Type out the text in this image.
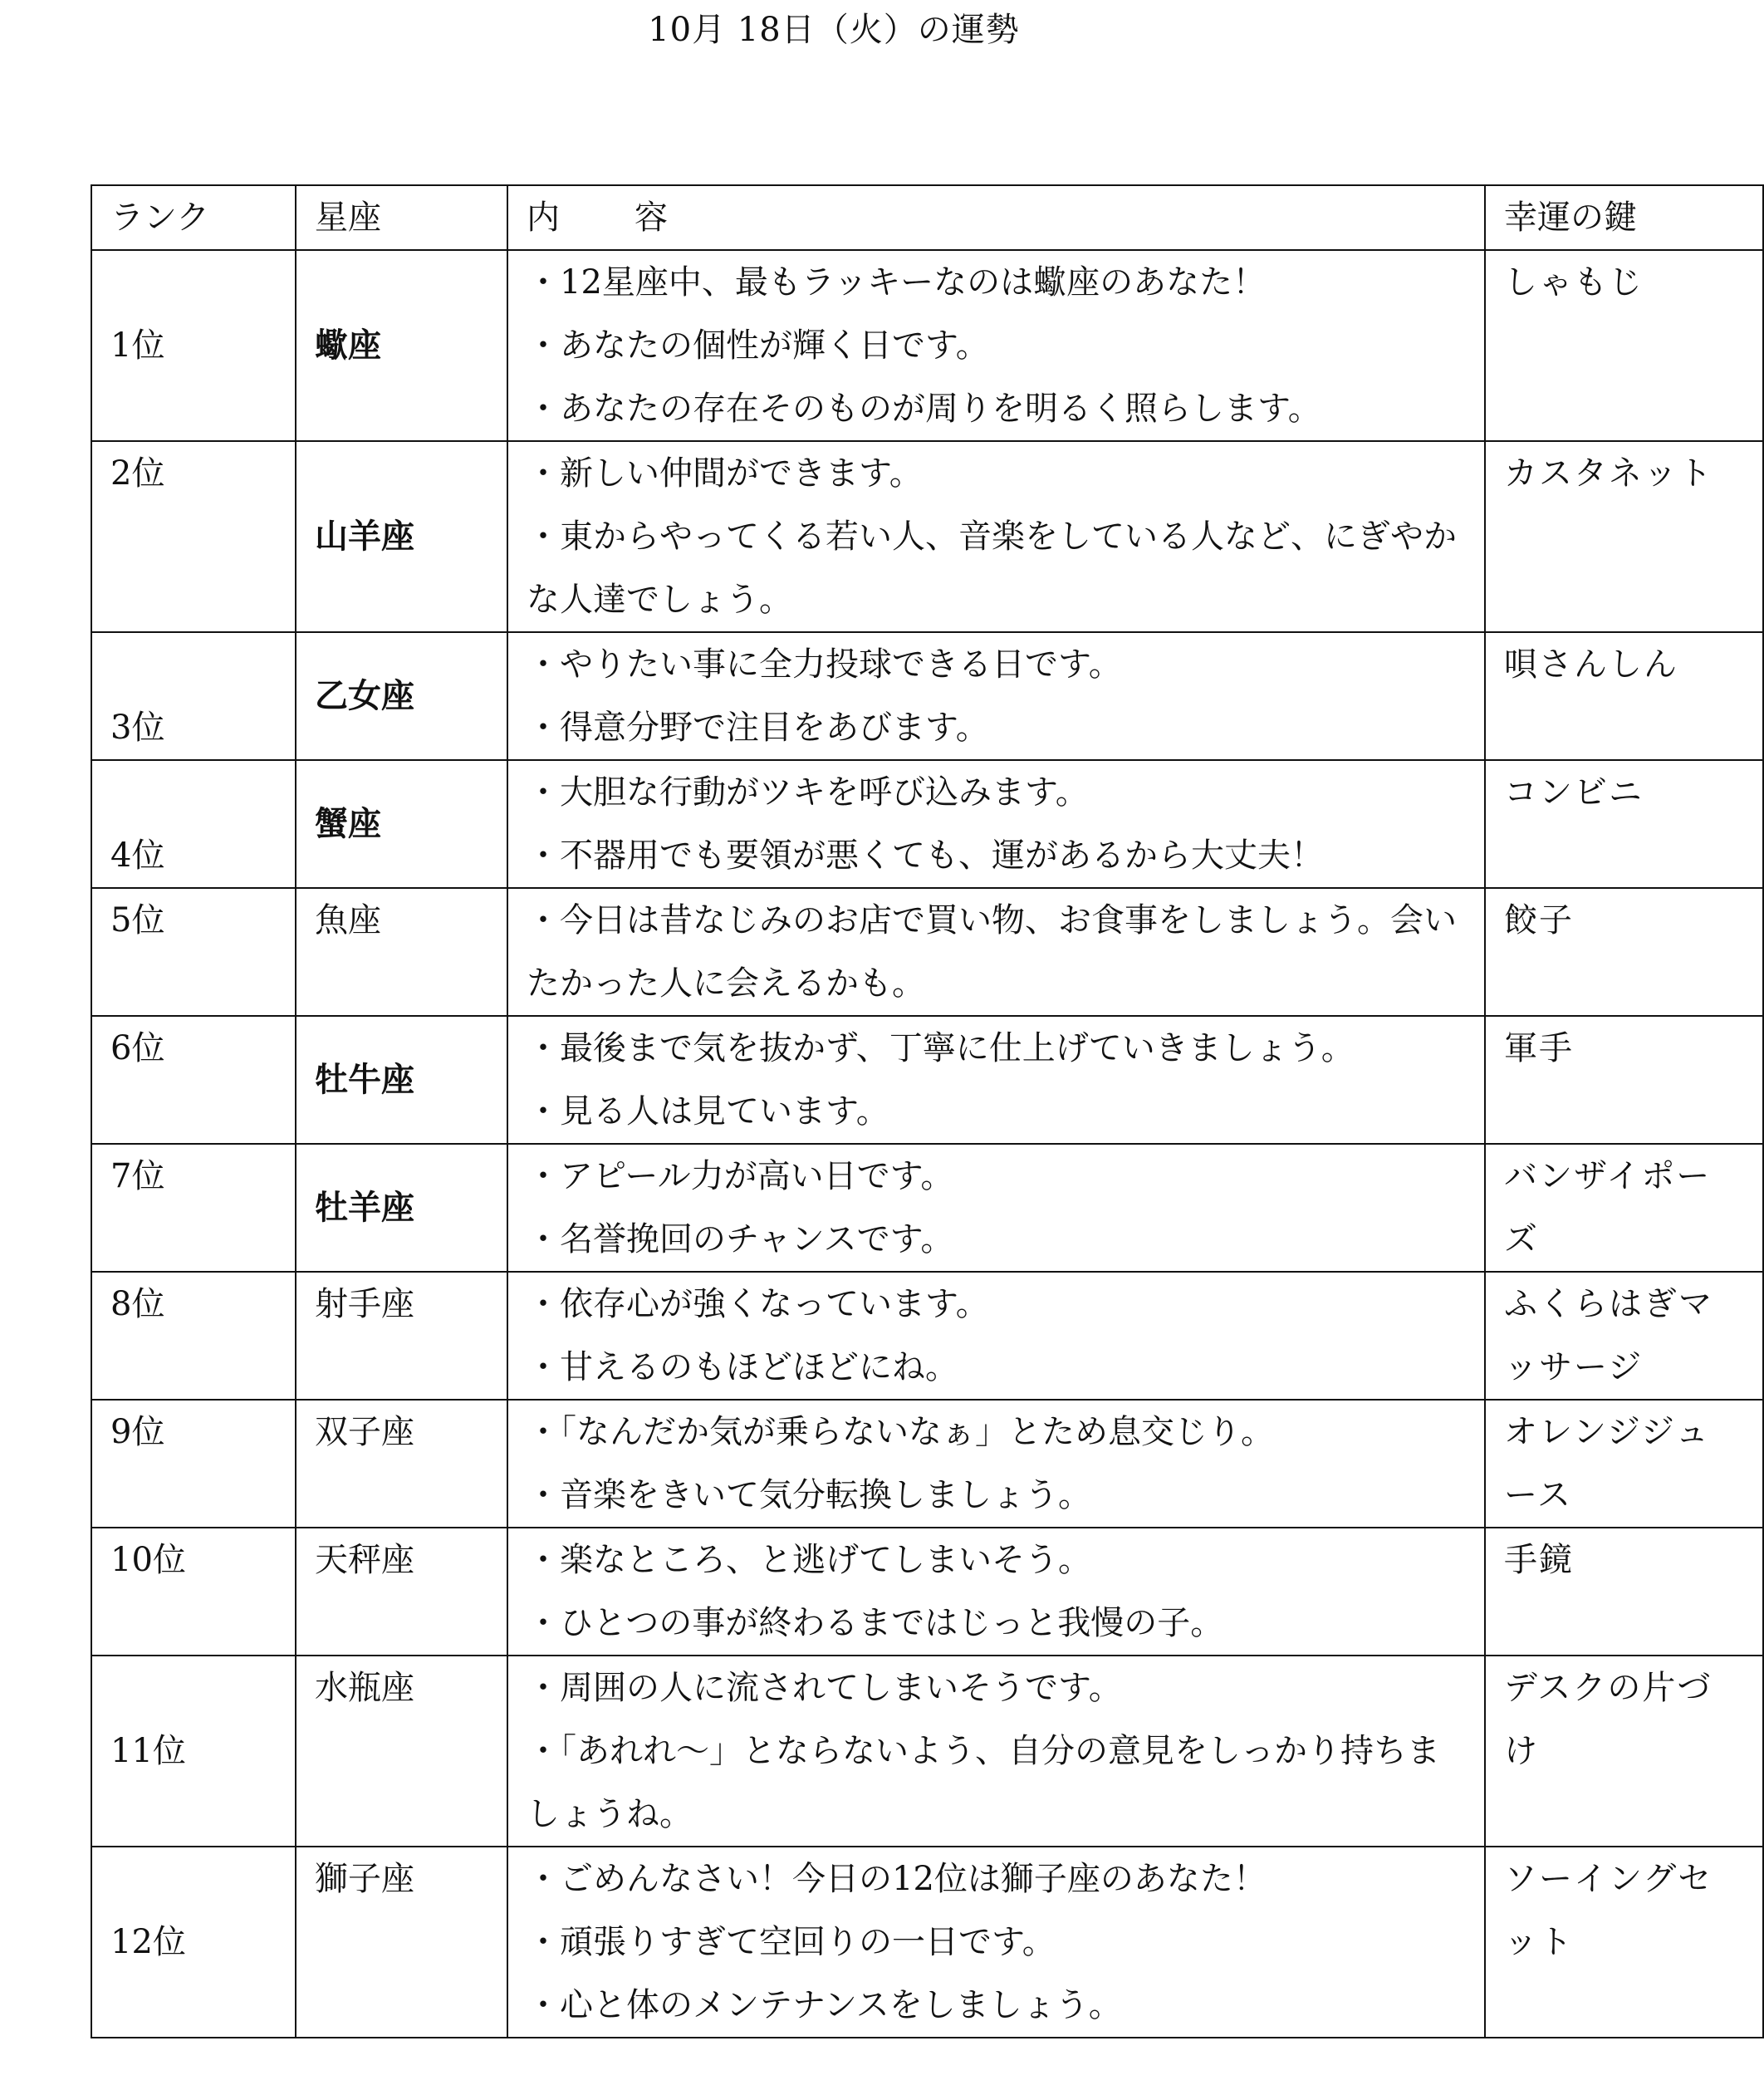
10月 18日（火）の運勢
ランク	星座	内容	幸運の鍵
1位	蠍座	・12星座中、最もラッキーなのは蠍座のあなた！
・あなたの個性が輝く日です。
・あなたの存在そのものが周りを明るく照らします。	しゃもじ
2位	山羊座	・新しい仲間ができます。
・東からやってくる若い人、音楽をしている人など、にぎやかな人達でしょう。	カスタネット
3位	乙女座	・やりたい事に全力投球できる日です。
・得意分野で注目をあびます。	唄さんしん
4位	蟹座	・大胆な行動がツキを呼び込みます。
・不器用でも要領が悪くても、運があるから大丈夫！	コンビニ
5位	魚座	・今日は昔なじみのお店で買い物、お食事をしましょう。会いたかった人に会えるかも。	餃子
6位	牡牛座	・最後まで気を抜かず、丁寧に仕上げていきましょう。
・見る人は見ています。	軍手
7位	牡羊座	・アピール力が高い日です。
・名誉挽回のチャンスです。	バンザイポーズ
8位	射手座	・依存心が強くなっています。
・甘えるのもほどほどにね。	ふくらはぎマッサージ
9位	双子座	・「なんだか気が乗らないなぁ」とため息交じり。
・音楽をきいて気分転換しましょう。	オレンジジュース
10位	天秤座	・楽なところ、と逃げてしまいそう。
・ひとつの事が終わるまではじっと我慢の子。	手鏡
11位	水瓶座	・周囲の人に流されてしまいそうです。
・「あれれ～」とならないよう、自分の意見をしっかり持ちましょうね。	デスクの片づけ
12位	獅子座	・ごめんなさい！今日の12位は獅子座のあなた！
・頑張りすぎて空回りの一日です。
・心と体のメンテナンスをしましょう。	ソーイングセット
